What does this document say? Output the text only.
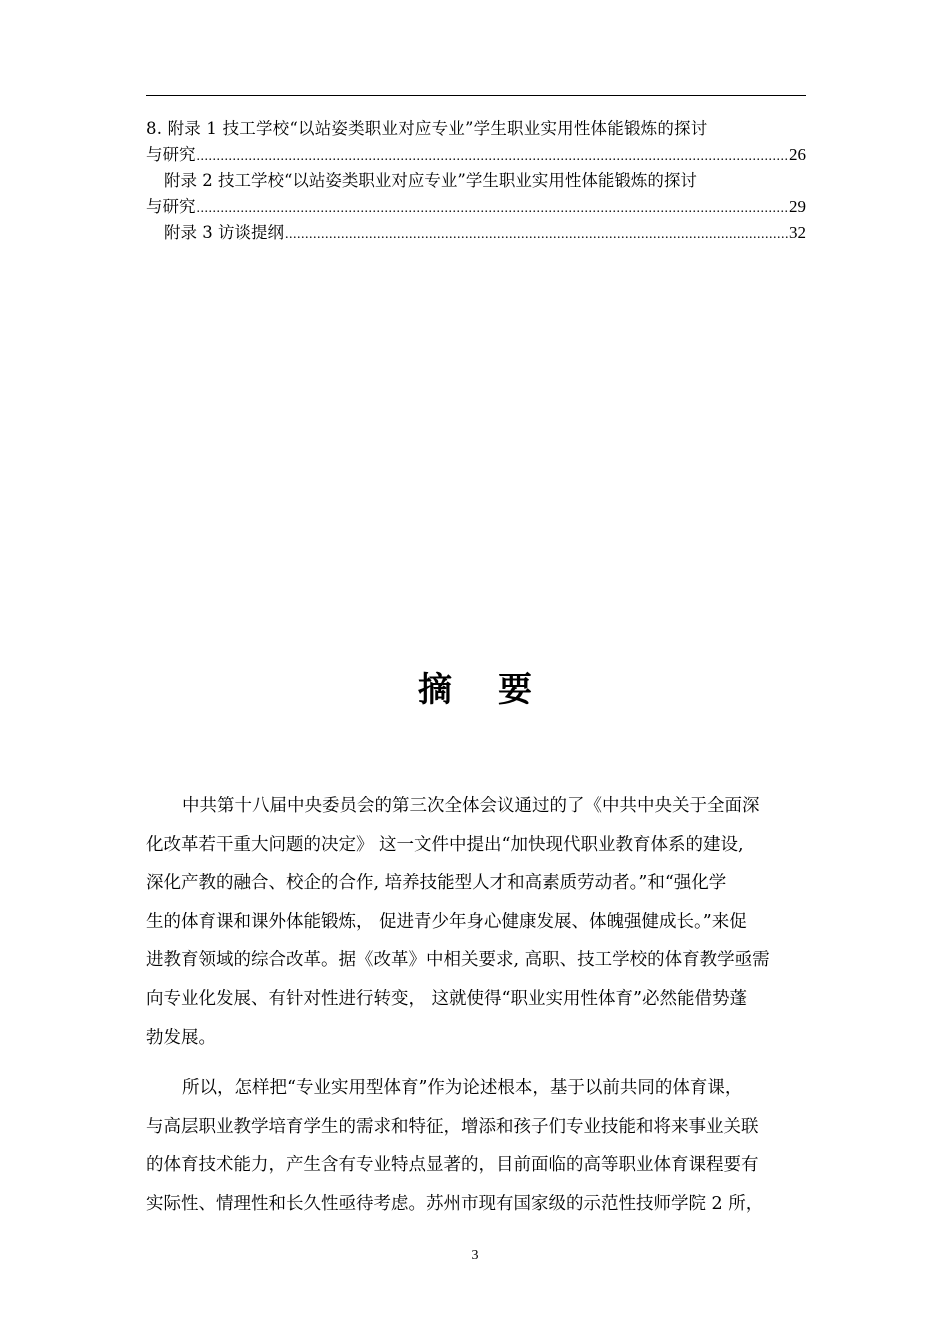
8. 附录 1 技工学校“以站姿类职业对应专业”学生职业实用性体能锻炼的探讨
与研究 .....	26
附录 2 技工学校“以站姿类职业对应专业”学生职业实用性体能锻炼的探讨
与研究 .....	29
附录 3 访谈提纲 .....	32
摘要

中共第十八届中央委员会的第三次全体会议通过的了《中共中央关于全面深
化改革若干重大问题的决定》 这一文件中提出“加快现代职业教育体系的建设,
深化产教的融合、校企的合作, 培养技能型人才和高素质劳动者。”和“强化学
生的体育课和课外体能锻炼， 促进青少年身心健康发展、体魄强健成长。”来促
进教育领域的综合改革。据《改革》中相关要求, 高职、技工学校的体育教学亟需
向专业化发展、有针对性进行转变， 这就使得“职业实用性体育”必然能借势蓬
勃发展。

所以，怎样把“专业实用型体育”作为论述根本，基于以前共同的体育课，
与高层职业教学培育学生的需求和特征，增添和孩子们专业技能和将来事业关联
的体育技术能力，产生含有专业特点显著的，目前面临的高等职业体育课程要有
实际性、情理性和长久性亟待考虑。苏州市现有国家级的示范性技师学院 2 所，

3
